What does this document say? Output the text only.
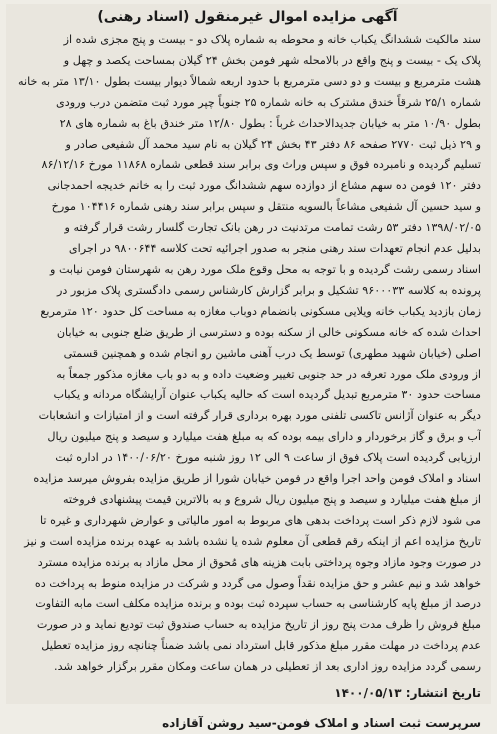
آگهی مزایده اموال غیرمنقول (اسناد رهنی)
سند مالکیت ششدانگ یکباب خانه و محوطه به شماره پلاک دو - بیست و پنج مجزی شده از
پلاک یک - بیست و پنج واقع در بالامحله شهر فومن بخش ۲۴ گیلان بمساحت یکصد و چهل و
هشت مترمربع و بیست و دو دسی مترمربع با حدود اربعه شمالاً دیوار بیست بطول ۱۳/۱۰ متر به خانه
شماره ۲۵/۱ شرقاً خندق مشترک به خانه شماره ۲۵ جنوباً چپر مورد ثبت متضمن درب ورودی
بطول ۱۰/۹۰ متر به خیابان جدیدالاحداث غرباً : بطول ۱۲/۸۰ متر خندق باغ به شماره های ۲۸
و ۲۹ ذیل ثبت ۲۷۷۰ صفحه ۸۶ دفتر ۴۳ بخش ۲۴ گیلان به نام سید محمد آل شفیعی صادر و
تسلیم گردیده و نامبرده فوق و سپس وراث وی برابر سند قطعی شماره ۱۱۸۶۸ مورخ ۸۶/۱۲/۱۶
دفتر ۱۲۰ فومن ده سهم مشاع از دوازده سهم ششدانگ مورد ثبت را به خانم خدیجه احمدجانی
و سید حسین آل شفیعی مشاعاً بالسویه منتقل و سپس برابر سند رهنی شماره ۱۰۴۴۱۶ مورخ
۱۳۹۸/۰۲/۰۵ دفتر ۵۳ رشت تمامت مرتدنیت در رهن بانک تجارت گلسار رشت قرار گرفته و
بدلیل عدم انجام تعهدات سند رهنی منجر به صدور اجرائیه تحت کلاسه ۹۸۰۰۶۴۴ در اجرای
اسناد رسمی رشت گردیده و با توجه به محل وقوع ملک مورد رهن به شهرستان فومن نیابت و
پرونده به کلاسه ۹۶۰۰۰۳۳ تشکیل و برابر گزارش کارشناس رسمی دادگستری پلاک مزبور در
زمان بازدید یکباب خانه ویلایی مسکونی بانضمام دوباب مغازه به مساحت کل حدود ۱۲۰ مترمربع
احداث شده که خانه مسکونی خالی از سکنه بوده و دسترسی از طریق ضلع جنوبی به خیابان
اصلی (خیابان شهید مطهری) توسط یک درب آهنی ماشین رو انجام شده و همچنین قسمتی
از ورودی ملک مورد تعرفه در حد جنوبی تغییر وضعیت داده و به دو باب مغازه مذکور جمعاً به
مساحت حدود ۳۰ مترمربع تبدیل گردیده است که حالیه یکباب عنوان آرایشگاه مردانه و یکباب
دیگر به عنوان آژانس تاکسی تلفنی مورد بهره برداری قرار گرفته است و از امتیازات و انشعابات
آب و برق و گاز برخوردار و دارای بیمه بوده که به مبلغ هفت میلیارد و سیصد و پنج میلیون ریال
ارزیابی گردیده است پلاک فوق از ساعت ۹ الی ۱۲ روز شنبه مورخ ۱۴۰۰/۰۶/۲۰ در اداره ثبت
اسناد و املاک فومن واحد اجرا واقع در فومن خیابان شورا از طریق مزایده بفروش میرسد مزایده
از مبلغ هفت میلیارد و سیصد و پنج میلیون ریال شروع و به بالاترین قیمت پیشنهادی فروخته
می شود لازم ذکر است پرداخت بدهی های مربوط به امور مالیاتی و عوارض شهرداری و غیره تا
تاریخ مزایده اعم از اینکه رقم قطعی آن معلوم شده یا نشده باشد به عهده برنده مزایده است و نیز
در صورت وجود مازاد وجوه پرداختی بابت هزینه های مُحوق از محل مازاد به برنده مزایده مسترد
خواهد شد و نیم عشر و حق مزایده نقداً وصول می گردد و شرکت در مزایده منوط به پرداخت ده
درصد از مبلغ پایه کارشناسی به حساب سپرده ثبت بوده و برنده مزایده مکلف است مابه التفاوت
مبلغ فروش را ظرف مدت پنج روز از تاریخ مزایده به حساب صندوق ثبت تودیع نماید و در صورت
عدم پرداخت در مهلت مقرر مبلغ مذکور قابل استرداد نمی باشد ضمناً چنانچه روز مزایده تعطیل
رسمی گردد مزایده روز اداری بعد از تعطیلی در همان ساعت ومکان مقرر برگزار خواهد شد.
تاریخ انتشار: ۱۴۰۰/۰۵/۱۳
سرپرست ثبت اسناد و املاک فومن-سید روشن آقازاده
